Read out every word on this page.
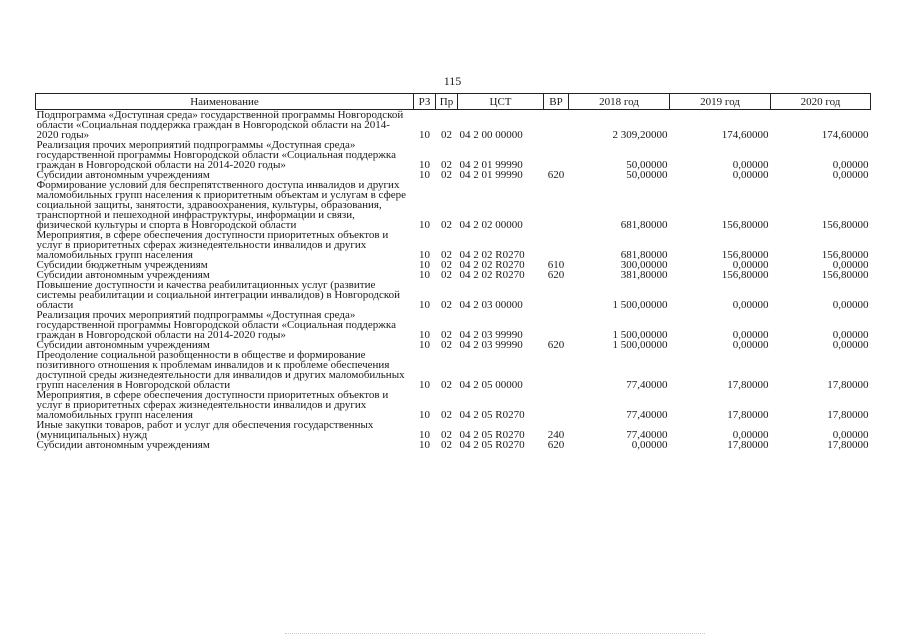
115
Наименование	РЗ	Пр	ЦСТ	ВР	2018 год	2019 год	2020 год
Подпрограмма «Доступная среда» государственной программы Новгородской области «Социальная поддержка граждан в Новгородской области на 2014-2020 годы»	10	02	04 2 00 00000		2 309,20000	174,60000	174,60000
Реализация прочих мероприятий подпрограммы «Доступная среда» государственной программы Новгородской области «Социальная поддержка граждан в Новгородской области на 2014-2020 годы»	10	02	04 2 01 99990		50,00000	0,00000	0,00000
Субсидии автономным учреждениям	10	02	04 2 01 99990	620	50,00000	0,00000	0,00000
Формирование условий для беспрепятственного доступа инвалидов и других маломобильных групп населения к приоритетным объектам и услугам в сфере социальной защиты, занятости, здравоохранения, культуры, образования, транспортной и пешеходной инфраструктуры, информации и связи, физической культуры и спорта в Новгородской области	10	02	04 2 02 00000		681,80000	156,80000	156,80000
Мероприятия, в сфере обеспечения доступности приоритетных объектов и услуг в приоритетных сферах жизнедеятельности инвалидов и других маломобильных групп населения	10	02	04 2 02 R0270		681,80000	156,80000	156,80000
Субсидии бюджетным учреждениям	10	02	04 2 02 R0270	610	300,00000	0,00000	0,00000
Субсидии автономным учреждениям	10	02	04 2 02 R0270	620	381,80000	156,80000	156,80000
Повышение доступности и качества реабилитационных услуг (развитие системы реабилитации и социальной интеграции инвалидов) в Новгородской области	10	02	04 2 03 00000		1 500,00000	0,00000	0,00000
Реализация прочих мероприятий подпрограммы «Доступная среда» государственной программы Новгородской области «Социальная поддержка граждан в Новгородской области на 2014-2020 годы»	10	02	04 2 03 99990		1 500,00000	0,00000	0,00000
Субсидии автономным учреждениям	10	02	04 2 03 99990	620	1 500,00000	0,00000	0,00000
Преодоление социальной разобщенности в обществе и формирование позитивного отношения к проблемам инвалидов и к проблеме обеспечения доступной среды жизнедеятельности для инвалидов и других маломобильных групп населения в Новгородской области	10	02	04 2 05 00000		77,40000	17,80000	17,80000
Мероприятия, в сфере обеспечения доступности приоритетных объектов и услуг в приоритетных сферах жизнедеятельности инвалидов и других маломобильных групп населения	10	02	04 2 05 R0270		77,40000	17,80000	17,80000
Иные закупки товаров, работ и услуг для обеспечения государственных (муниципальных) нужд	10	02	04 2 05 R0270	240	77,40000	0,00000	0,00000
Субсидии автономным учреждениям	10	02	04 2 05 R0270	620	0,00000	17,80000	17,80000
